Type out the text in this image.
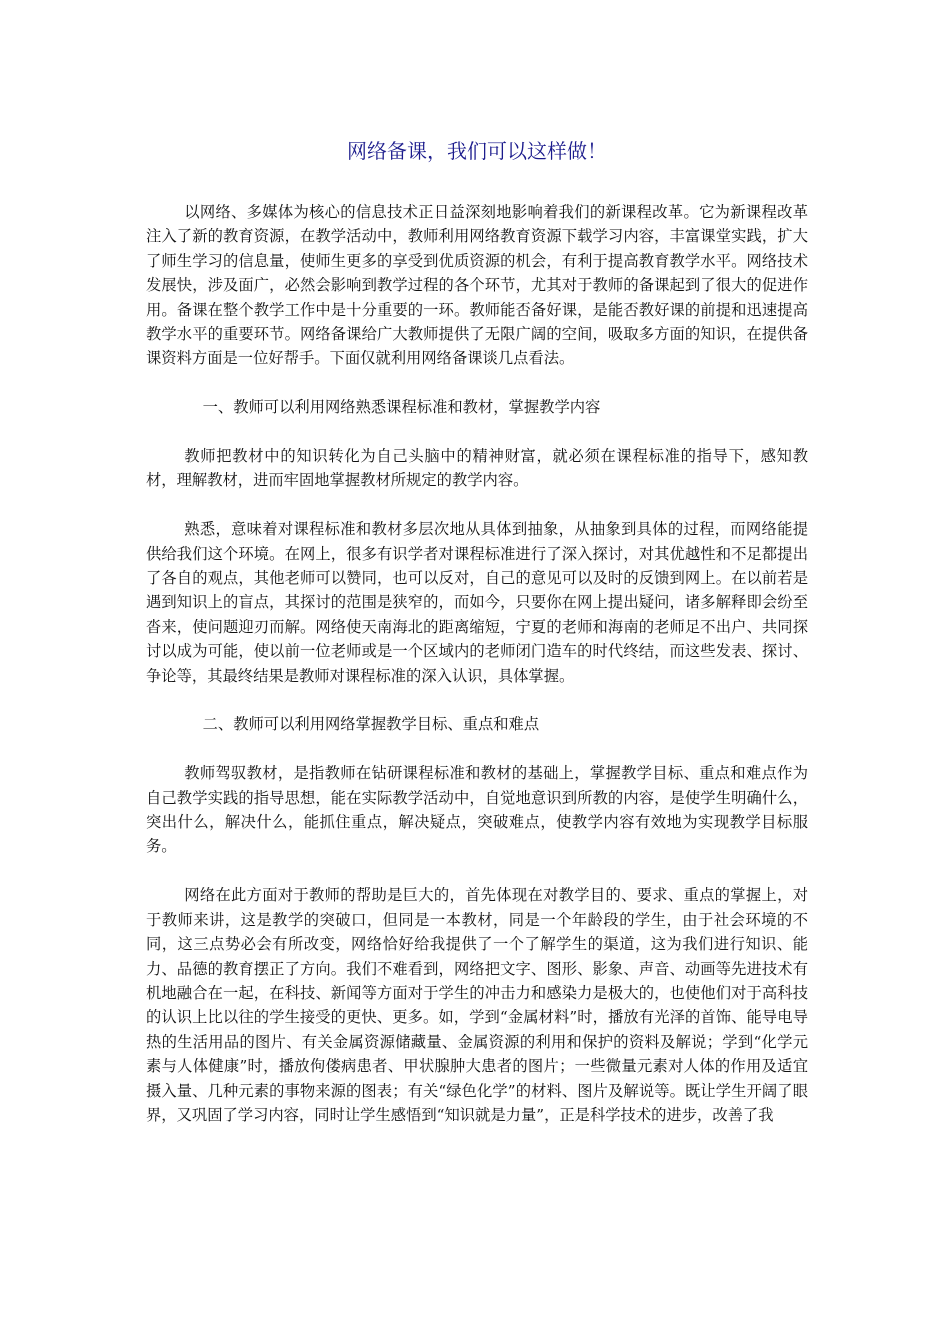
网络备课，我们可以这样做！

以网络、多媒体为核心的信息技术正日益深刻地影响着我们的新课程改革。它为新课程改革注入了新的教育资源，在教学活动中，教师利用网络教育资源下载学习内容，丰富课堂实践，扩大了师生学习的信息量，使师生更多的享受到优质资源的机会，有利于提高教育教学水平。网络技术发展快，涉及面广，必然会影响到教学过程的各个环节，尤其对于教师的备课起到了很大的促进作用。备课在整个教学工作中是十分重要的一环。教师能否备好课，是能否教好课的前提和迅速提高教学水平的重要环节。网络备课给广大教师提供了无限广阔的空间，吸取多方面的知识，在提供备课资料方面是一位好帮手。下面仅就利用网络备课谈几点看法。

一、教师可以利用网络熟悉课程标准和教材，掌握教学内容

教师把教材中的知识转化为自己头脑中的精神财富，就必须在课程标准的指导下，感知教材，理解教材，进而牢固地掌握教材所规定的教学内容。

熟悉，意味着对课程标准和教材多层次地从具体到抽象，从抽象到具体的过程，而网络能提供给我们这个环境。在网上，很多有识学者对课程标准进行了深入探讨，对其优越性和不足都提出了各自的观点，其他老师可以赞同，也可以反对，自己的意见可以及时的反馈到网上。在以前若是遇到知识上的盲点，其探讨的范围是狭窄的，而如今，只要你在网上提出疑问，诸多解释即会纷至沓来，使问题迎刃而解。网络使天南海北的距离缩短，宁夏的老师和海南的老师足不出户、共同探讨以成为可能，使以前一位老师或是一个区域内的老师闭门造车的时代终结，而这些发表、探讨、争论等，其最终结果是教师对课程标准的深入认识，具体掌握。

二、教师可以利用网络掌握教学目标、重点和难点

教师驾驭教材，是指教师在钻研课程标准和教材的基础上，掌握教学目标、重点和难点作为自己教学实践的指导思想，能在实际教学活动中，自觉地意识到所教的内容，是使学生明确什么，突出什么，解决什么，能抓住重点，解决疑点，突破难点，使教学内容有效地为实现教学目标服务。

网络在此方面对于教师的帮助是巨大的，首先体现在对教学目的、要求、重点的掌握上，对于教师来讲，这是教学的突破口，但同是一本教材，同是一个年龄段的学生，由于社会环境的不同，这三点势必会有所改变，网络恰好给我提供了一个了解学生的渠道，这为我们进行知识、能力、品德的教育摆正了方向。我们不难看到，网络把文字、图形、影象、声音、动画等先进技术有机地融合在一起，在科技、新闻等方面对于学生的冲击力和感染力是极大的，也使他们对于高科技的认识上比以往的学生接受的更快、更多。如，学到“金属材料”时，播放有光泽的首饰、能导电导热的生活用品的图片、有关金属资源储藏量、金属资源的利用和保护的资料及解说；学到“化学元素与人体健康”时，播放佝偻病患者、甲状腺肿大患者的图片；一些微量元素对人体的作用及适宜摄入量、几种元素的事物来源的图表；有关“绿色化学”的材料、图片及解说等。既让学生开阔了眼界，又巩固了学习内容，同时让学生感悟到“知识就是力量”，正是科学技术的进步，改善了我
